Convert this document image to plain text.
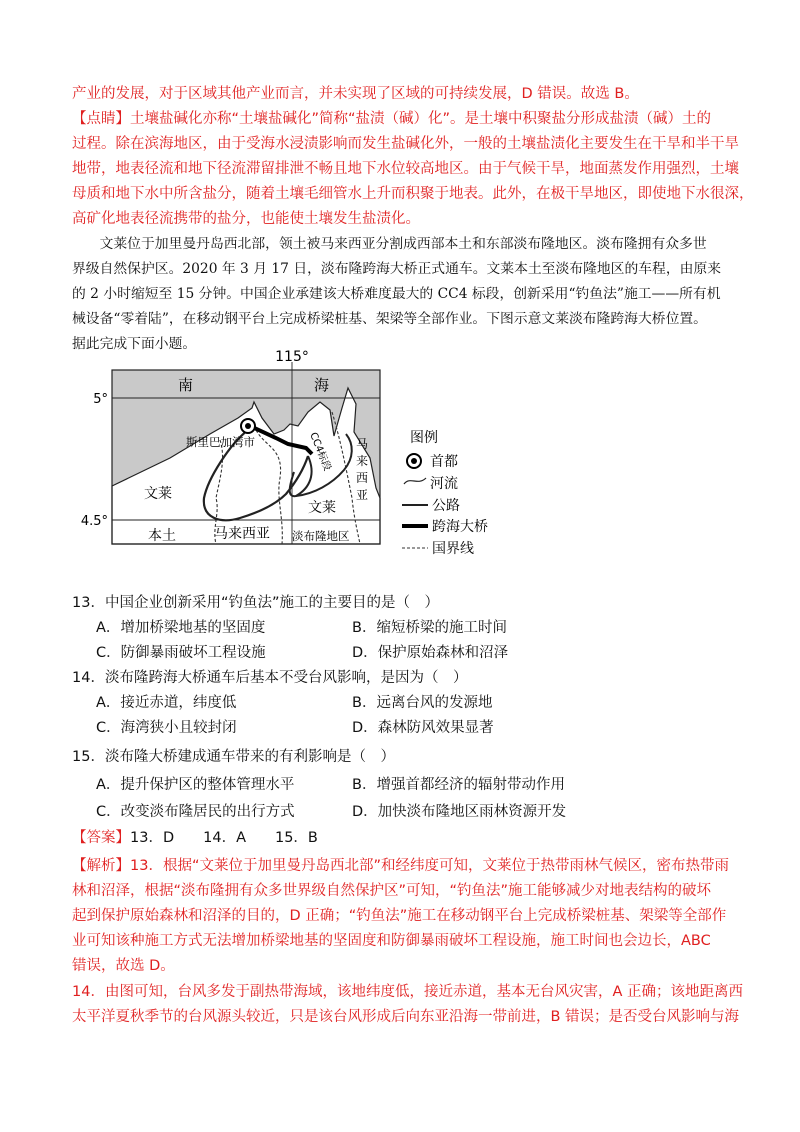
产业的发展，对于区域其他产业而言，并未实现了区域的可持续发展，D 错误。故选 B。
【点睛】土壤盐碱化亦称“土壤盐碱化”简称“盐渍（碱）化”。是土壤中积聚盐分形成盐渍（碱）土的
过程。除在滨海地区，由于受海水浸渍影响而发生盐碱化外，一般的土壤盐渍化主要发生在干旱和半干旱
地带，地表径流和地下径流滞留排泄不畅且地下水位较高地区。由于气候干旱，地面蒸发作用强烈，土壤
母质和地下水中所含盐分，随着土壤毛细管水上升而积聚于地表。此外，在极干旱地区，即使地下水很深，
高矿化地表径流携带的盐分，也能使土壤发生盐渍化。
　　文莱位于加里曼丹岛西北部，领土被马来西亚分割成西部本土和东部淡布隆地区。淡布隆拥有众多世
界级自然保护区。2020 年 3 月 17 日，淡布隆跨海大桥正式通车。文莱本土至淡布隆地区的车程，由原来
的 2 小时缩短至 15 分钟。中国企业承建该大桥难度最大的 CC4 标段，创新采用“钓鱼法”施工——所有机
械设备“零着陆”，在移动钢平台上完成桥梁桩基、架梁等全部作业。下图示意文莱淡布隆跨海大桥位置。
据此完成下面小题。
115°
5°
4.5°
南	海
斯里巴加湾市	CC4标段
文莱
文莱
本土	马来西亚 淡布隆地区
马
来
西
亚
图例
首都
河流
公路
跨海大桥
国界线
13．中国企业创新采用“钓鱼法”施工的主要目的是（　）
A．增加桥梁地基的坚固度	B．缩短桥梁的施工时间
C．防御暴雨破坏工程设施	D．保护原始森林和沼泽
14．淡布隆跨海大桥通车后基本不受台风影响，是因为（　）
A．接近赤道，纬度低	B．远离台风的发源地
C．海湾狭小且较封闭	D．森林防风效果显著
15．淡布隆大桥建成通车带来的有利影响是（　）
A．提升保护区的整体管理水平	B．增强首都经济的辐射带动作用
C．改变淡布隆居民的出行方式	D．加快淡布隆地区雨林资源开发
【答案】13．D　　14．A　　15．B
【解析】13．根据“文莱位于加里曼丹岛西北部”和经纬度可知，文莱位于热带雨林气候区，密布热带雨
林和沼泽，根据“淡布隆拥有众多世界级自然保护区”可知，“钓鱼法”施工能够减少对地表结构的破坏
起到保护原始森林和沼泽的目的，D 正确；“钓鱼法”施工在移动钢平台上完成桥梁桩基、架梁等全部作
业可知该种施工方式无法增加桥梁地基的坚固度和防御暴雨破坏工程设施，施工时间也会边长，ABC
错误，故选 D。
14．由图可知，台风多发于副热带海域，该地纬度低，接近赤道，基本无台风灾害，A 正确；该地距离西
太平洋夏秋季节的台风源头较近，只是该台风形成后向东亚沿海一带前进，B 错误；是否受台风影响与海
